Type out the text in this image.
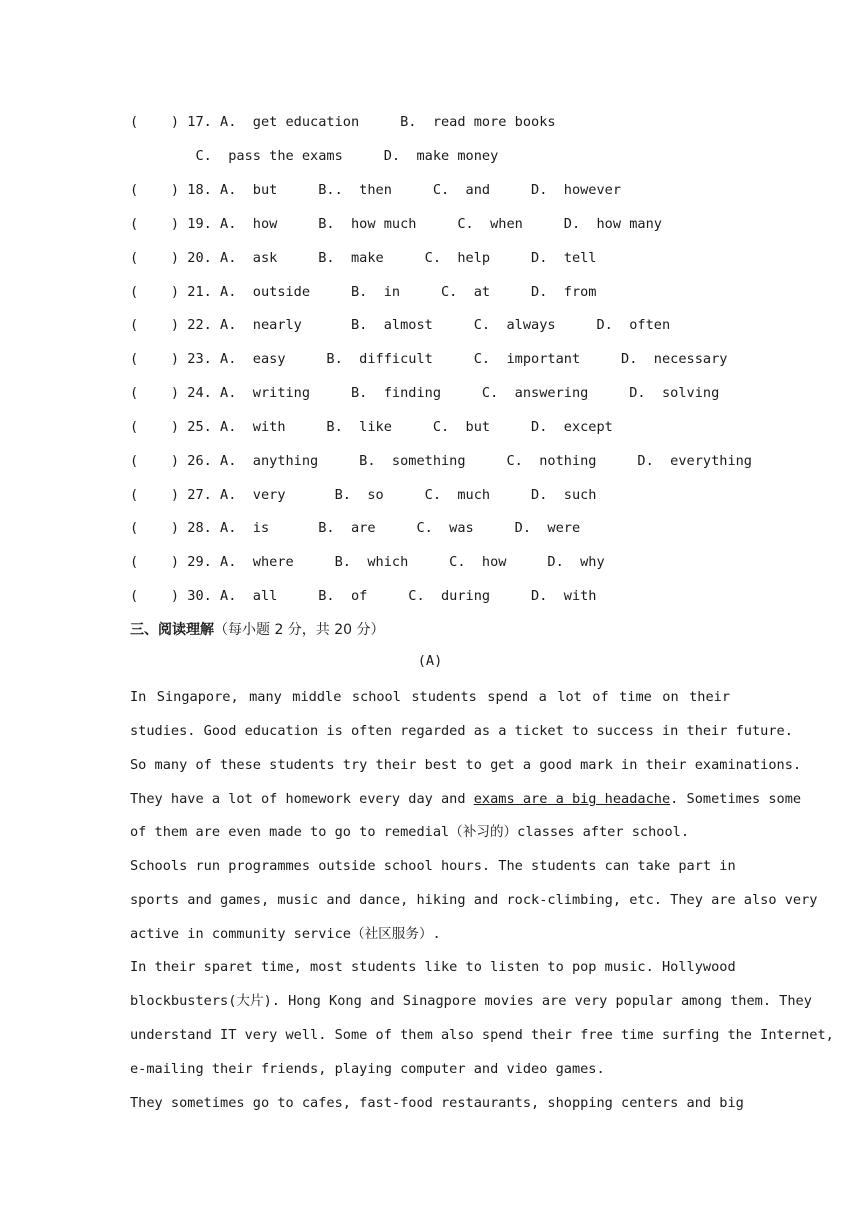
(    ) 17. A.  get education     B.  read more books
C.  pass the exams     D.  make money
(    ) 18. A.  but     B..  then     C.  and     D.  however
(    ) 19. A.  how     B.  how much     C.  when     D.  how many
(    ) 20. A.  ask     B.  make     C.  help     D.  tell
(    ) 21. A.  outside     B.  in     C.  at     D.  from
(    ) 22. A.  nearly      B.  almost     C.  always     D.  often
(    ) 23. A.  easy     B.  difficult     C.  important     D.  necessary
(    ) 24. A.  writing     B.  finding     C.  answering     D.  solving
(    ) 25. A.  with     B.  like     C.  but     D.  except
(    ) 26. A.  anything     B.  something     C.  nothing     D.  everything
(    ) 27. A.  very      B.  so     C.  much     D.  such
(    ) 28. A.  is      B.  are     C.  was     D.  were
(    ) 29. A.  where     B.  which     C.  how     D.  why
(    ) 30. A.  all     B.  of     C.  during     D.  with
三、阅读理解（每小题 2 分，共 20 分）
(A)
In Singapore, many middle school students spend a lot of time on their
studies. Good education is often regarded as a ticket to success in their future.
So many of these students try their best to get a good mark in their examinations.
They have a lot of homework every day and exams are a big headache. Sometimes some
of them are even made to go to remedial（补习的）classes after school.
Schools run programmes outside school hours. The students can take part in
sports and games, music and dance, hiking and rock-climbing, etc. They are also very
active in community service（社区服务）.
In their sparet time, most students like to listen to pop music. Hollywood
blockbusters(大片). Hong Kong and Sinagpore movies are very popular among them. They
understand IT very well. Some of them also spend their free time surfing the Internet,
e-mailing their friends, playing computer and video games.
They sometimes go to cafes, fast-food restaurants, shopping centers and big
